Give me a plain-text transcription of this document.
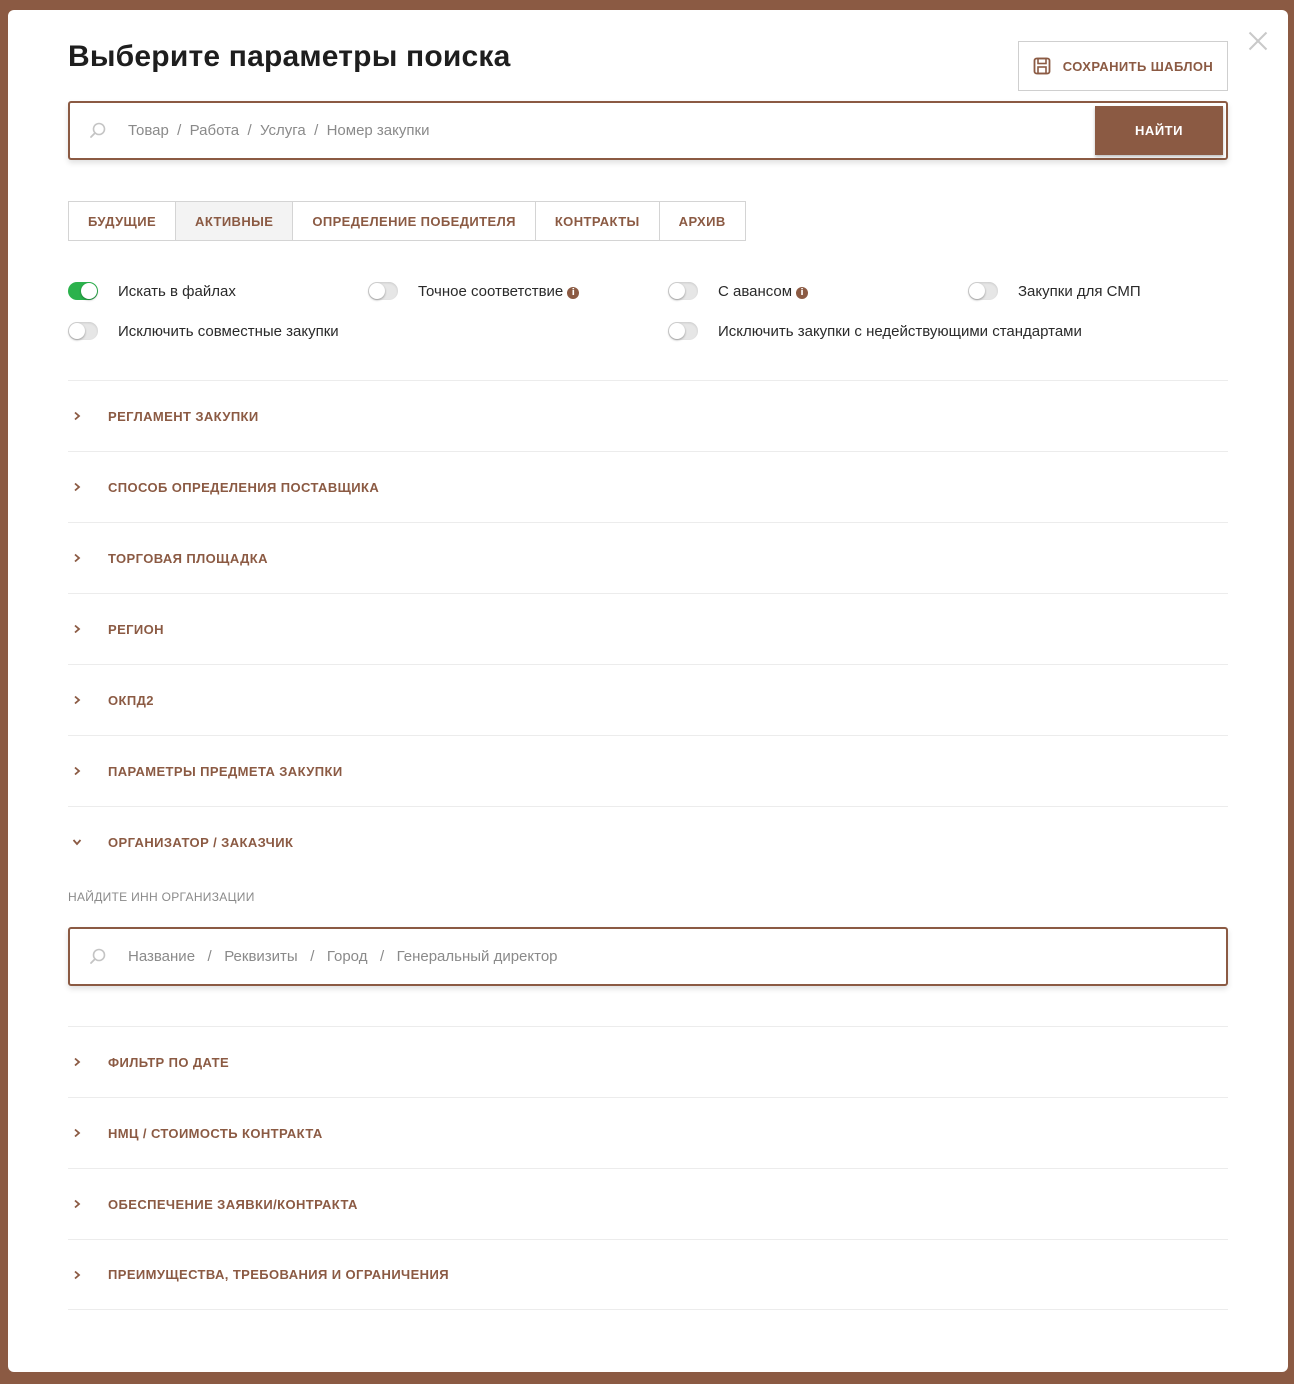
Выберите параметры поиска	СОХРАНИТЬ ШАБЛОН
Товар / Работа / Услуга / Номер закупки
НАЙТИ
БУДУЩИЕ	АКТИВНЫЕ	ОПРЕДЕЛЕНИЕ ПОБЕДИТЕЛЯ	КОНТРАКТЫ	АРХИВ
Искать в файлах	Точное соответствие i	С авансом i	Закупки для СМП
Исключить совместные закупки	Исключить закупки с недействующими стандартами
РЕГЛАМЕНТ ЗАКУПКИ
СПОСОБ ОПРЕДЕЛЕНИЯ ПОСТАВЩИКА
ТОРГОВАЯ ПЛОЩАДКА
РЕГИОН
ОКПД2
ПАРАМЕТРЫ ПРЕДМЕТА ЗАКУПКИ
ОРГАНИЗАТОР / ЗАКАЗЧИК
НАЙДИТЕ ИНН ОРГАНИЗАЦИИ
Название / Реквизиты / Город / Генеральный директор
ФИЛЬТР ПО ДАТЕ
НМЦ / СТОИМОСТЬ КОНТРАКТА
ОБЕСПЕЧЕНИЕ ЗАЯВКИ/КОНТРАКТА
ПРЕИМУЩЕСТВА, ТРЕБОВАНИЯ И ОГРАНИЧЕНИЯ
